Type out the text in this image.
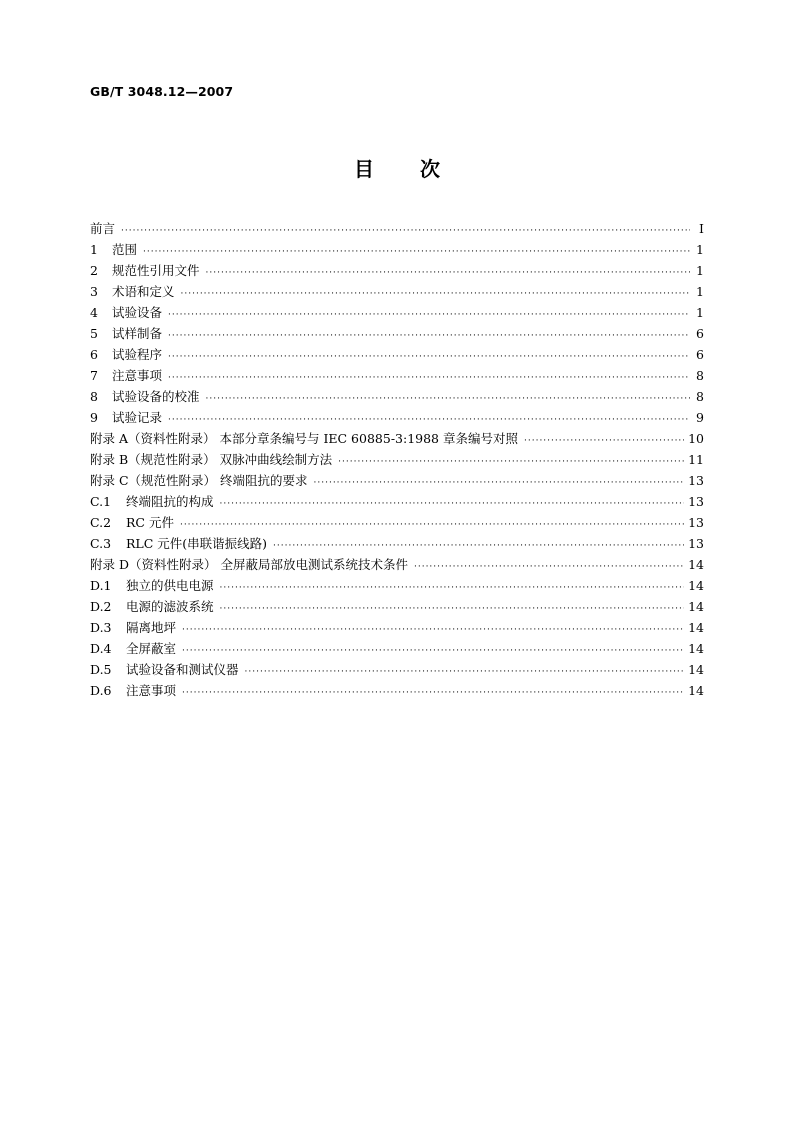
GB/T 3048.12—2007
目 次
前言 ·····	I
1 范围 ·····	1
2 规范性引用文件 ·····	1
3 术语和定义 ·····	1
4 试验设备 ·····	1
5 试样制备 ·····	6
6 试验程序 ·····	6
7 注意事项 ·····	8
8 试验设备的校准 ·····	8
9 试验记录 ·····	9
附录 A（资料性附录） 本部分章条编号与 IEC 60885-3:1988 章条编号对照 ·····	10
附录 B（规范性附录） 双脉冲曲线绘制方法 ·····	11
附录 C（规范性附录） 终端阻抗的要求 ·····	13
C.1 终端阻抗的构成 ·····	13
C.2 RC 元件 ·····	13
C.3 RLC 元件(串联谐振线路) ·····	13
附录 D（资料性附录） 全屏蔽局部放电测试系统技术条件 ·····	14
D.1 独立的供电电源 ·····	14
D.2 电源的滤波系统 ·····	14
D.3 隔离地坪 ·····	14
D.4 全屏蔽室 ·····	14
D.5 试验设备和测试仪器 ·····	14
D.6 注意事项 ·····	14
